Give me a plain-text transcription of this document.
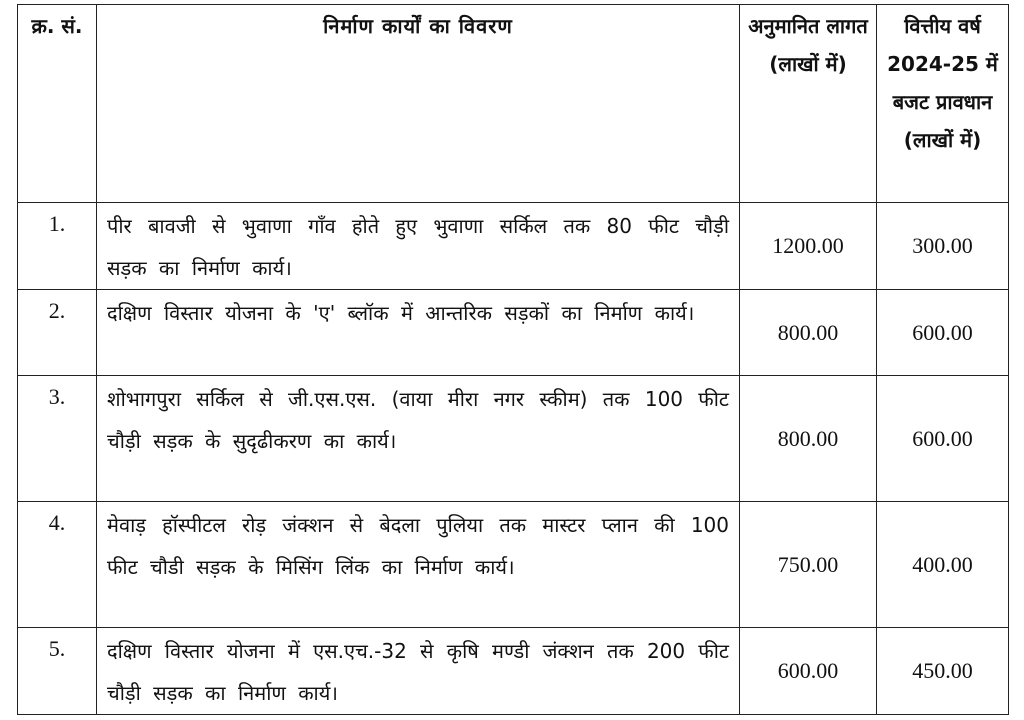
क्र. सं.	निर्माण कार्यों का विवरण	अनुमानित लागत (लाखों में)	वित्तीय वर्ष 2024-25 में बजट प्रावधान (लाखों में)
1.	पीर बावजी से भुवाणा गाँव होते हुए भुवाणा सर्किल तक 80 फीट चौड़ी सड़क का निर्माण कार्य।	1200.00	300.00
2.	दक्षिण विस्तार योजना के 'ए' ब्लॉक में आन्तरिक सड़कों का निर्माण कार्य।	800.00	600.00
3.	शोभागपुरा सर्किल से जी.एस.एस. (वाया मीरा नगर स्कीम) तक 100 फीट चौड़ी सड़क के सुदृढीकरण का कार्य।	800.00	600.00
4.	मेवाड़ हॉस्पीटल रोड़ जंक्शन से बेदला पुलिया तक मास्टर प्लान की 100 फीट चौडी सड़क के मिसिंग लिंक का निर्माण कार्य।	750.00	400.00
5.	दक्षिण विस्तार योजना में एस.एच.-32 से कृषि मण्डी जंक्शन तक 200 फीट चौड़ी सड़क का निर्माण कार्य।	600.00	450.00
